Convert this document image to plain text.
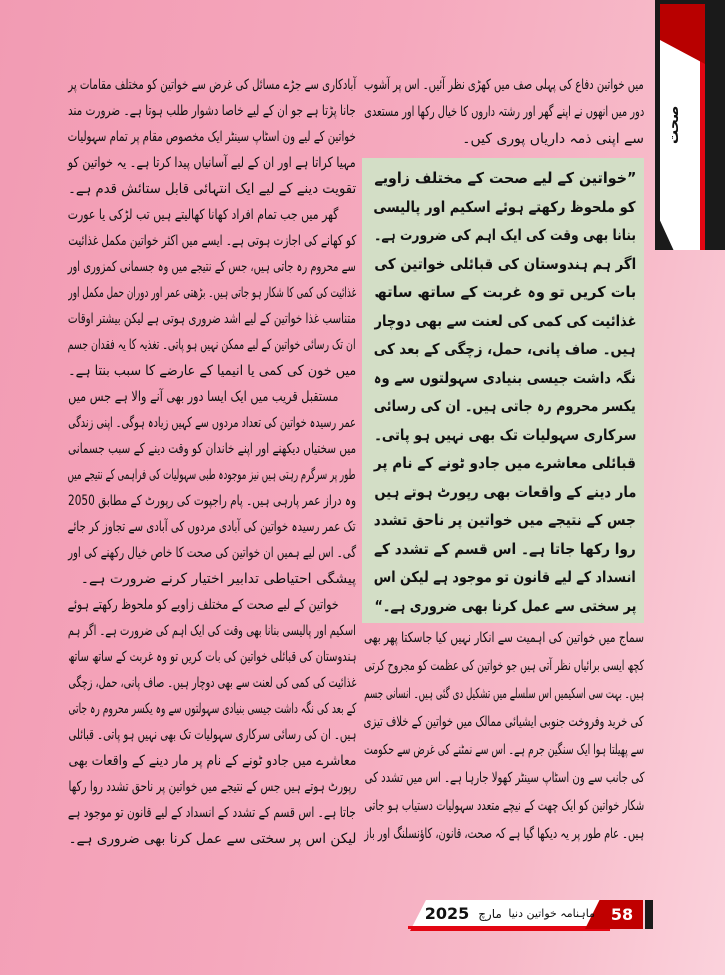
صحت
آبادکاری سے جڑے مسائل کی غرض سے خواتین کو مختلف مقامات پر
جانا پڑتا ہے جو ان کے لیے خاصا دشوار طلب ہوتا ہے۔ ضرورت مند
خواتین کے لیے ون اسٹاپ سینٹر ایک مخصوص مقام پر تمام سہولیات
مہیا کراتا ہے اور ان کے لیے آسانیاں پیدا کرتا ہے۔ یہ خواتین کو
تقویت دینے کے لیے ایک انتہائی قابل ستائش قدم ہے۔
گھر میں جب تمام افراد کھانا کھالیتے ہیں تب لڑکی یا عورت
کو کھانے کی اجازت ہوتی ہے۔ ایسے میں اکثر خواتین مکمل غذائیت
سے محروم رہ جاتی ہیں، جس کے نتیجے میں وہ جسمانی کمزوری اور
غذائیت کی کمی کا شکار ہو جاتی ہیں۔ بڑھتی عمر اور دوران حمل مکمل اور
متناسب غذا خواتین کے لیے اشد ضروری ہوتی ہے لیکن بیشتر اوقات
ان تک رسائی خواتین کے لیے ممکن نہیں ہو پاتی۔ تغذیہ کا یہ فقدان جسم
میں خون کی کمی یا انیمیا کے عارضے کا سبب بنتا ہے۔
مستقبل قریب میں ایک ایسا دور بھی آنے والا ہے جس میں
عمر رسیدہ خواتین کی تعداد مردوں سے کہیں زیادہ ہوگی۔ اپنی زندگی
میں سختیاں دیکھنے اور اپنے خاندان کو وقت دینے کے سبب جسمانی
طور پر سرگرم رہتی ہیں نیز موجودہ طبی سہولیات کی فراہمی کے نتیجے میں
وہ دراز عمر پارہی ہیں۔ پام راجپوت کی رپورٹ کے مطابق 2050
تک عمر رسیدہ خواتین کی آبادی مردوں کی آبادی سے تجاوز کر جائے
گی۔ اس لیے ہمیں ان خواتین کی صحت کا خاص خیال رکھنے کی اور
پیشگی احتیاطی تدابیر اختیار کرنے ضرورت ہے۔
خواتین کے لیے صحت کے مختلف زاویے کو ملحوظ رکھتے ہوئے
اسکیم اور پالیسی بنانا بھی وقت کی ایک اہم کی ضرورت ہے۔ اگر ہم
ہندوستان کی قبائلی خواتین کی بات کریں تو وہ غربت کے ساتھ ساتھ
غذائیت کی کمی کی لعنت سے بھی دوچار ہیں۔ صاف پانی، حمل، زچگی
کے بعد کی نگہ داشت جیسی بنیادی سہولتوں سے وہ یکسر محروم رہ جاتی
ہیں۔ ان کی رسائی سرکاری سہولیات تک بھی نہیں ہو پاتی۔ قبائلی
معاشرے میں جادو ٹونے کے نام پر مار دینے کے واقعات بھی
رپورٹ ہوتے ہیں جس کے نتیجے میں خواتین پر ناحق تشدد روا رکھا
جاتا ہے۔ اس قسم کے تشدد کے انسداد کے لیے قانون تو موجود ہے
لیکن اس پر سختی سے عمل کرنا بھی ضروری ہے۔
میں خواتین دفاع کی پہلی صف میں کھڑی نظر آئیں۔ اس پر آشوب
دور میں انھوں نے اپنے گھر اور رشتہ داروں کا خیال رکھا اور مستعدی
سے اپنی ذمہ داریاں پوری کیں۔
”خواتین کے لیے صحت کے مختلف زاویے
کو ملحوظ رکھتے ہوئے اسکیم اور پالیسی
بنانا بھی وقت کی ایک اہم کی ضرورت ہے۔
اگر ہم ہندوستان کی قبائلی خواتین کی
بات کریں تو وہ غربت کے ساتھ ساتھ
غذائیت کی کمی کی لعنت سے بھی دوچار
ہیں۔ صاف پانی، حمل، زچگی کے بعد کی
نگہ داشت جیسی بنیادی سہولتوں سے وہ
یکسر محروم رہ جاتی ہیں۔ ان کی رسائی
سرکاری سہولیات تک بھی نہیں ہو پاتی۔
قبائلی معاشرے میں جادو ٹونے کے نام پر
مار دینے کے واقعات بھی رپورٹ ہوتے ہیں
جس کے نتیجے میں خواتین پر ناحق تشدد
روا رکھا جاتا ہے۔ اس قسم کے تشدد کے
انسداد کے لیے قانون تو موجود ہے لیکن اس
پر سختی سے عمل کرنا بھی ضروری ہے۔“
سماج میں خواتین کی اہمیت سے انکار نہیں کیا جاسکتا پھر بھی
کچھ ایسی برائیاں نظر آتی ہیں جو خواتین کی عظمت کو مجروح کرتی
ہیں۔ بہت سی اسکیمیں اس سلسلے میں تشکیل دی گئی ہیں۔ انسانی جسم
کی خرید وفروخت جنوبی ایشیائی ممالک میں خواتین کے خلاف تیزی
سے پھیلتا ہوا ایک سنگین جرم ہے۔ اس سے نمٹنے کی غرض سے حکومت
کی جانب سے ون اسٹاپ سینٹر کھولا جارہا ہے۔ اس میں تشدد کی
شکار خواتین کو ایک چھت کے نیچے متعدد سہولیات دستیاب ہو جاتی
ہیں۔ عام طور پر یہ دیکھا گیا ہے کہ صحت، قانون، کاؤنسلنگ اور باز
58
ماہنامہ خواتین دنیا
مارچ
2025
